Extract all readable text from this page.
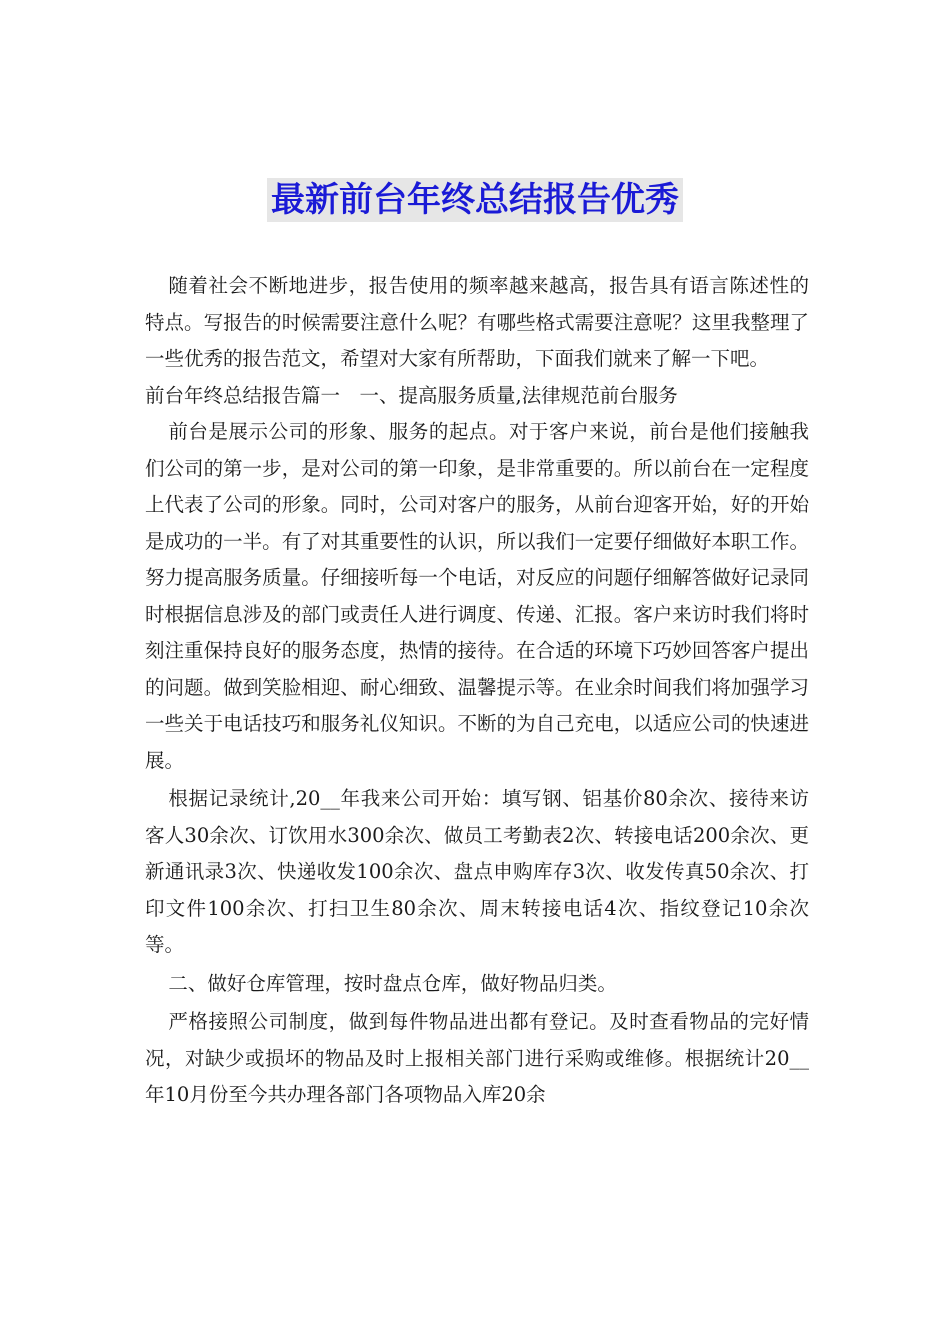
最新前台年终总结报告优秀

随着社会不断地进步，报告使用的频率越来越高，报告具有语言陈述性的特点。写报告的时候需要注意什么呢？有哪些格式需要注意呢？这里我整理了一些优秀的报告范文，希望对大家有所帮助，下面我们就来了解一下吧。

前台年终总结报告篇一　一、提高服务质量,法律规范前台服务

前台是展示公司的形象、服务的起点。对于客户来说，前台是他们接触我们公司的第一步，是对公司的第一印象，是非常重要的。所以前台在一定程度上代表了公司的形象。同时，公司对客户的服务，从前台迎客开始，好的开始是成功的一半。有了对其重要性的认识，所以我们一定要仔细做好本职工作。努力提高服务质量。仔细接听每一个电话，对反应的问题仔细解答做好记录同时根据信息涉及的部门或责任人进行调度、传递、汇报。客户来访时我们将时刻注重保持良好的服务态度，热情的接待。在合适的环境下巧妙回答客户提出的问题。做到笑脸相迎、耐心细致、温馨提示等。在业余时间我们将加强学习一些关于电话技巧和服务礼仪知识。不断的为自己充电，以适应公司的快速进展。

根据记录统计,20__年我来公司开始：填写钢、铝基价80余次、接待来访客人30余次、订饮用水300余次、做员工考勤表2次、转接电话200余次、更新通讯录3次、快递收发100余次、盘点申购库存3次、收发传真50余次、打印文件100余次、打扫卫生80余次、周末转接电话4次、指纹登记10余次等。

二、做好仓库管理，按时盘点仓库，做好物品归类。

严格接照公司制度，做到每件物品进出都有登记。及时查看物品的完好情况，对缺少或损坏的物品及时上报相关部门进行采购或维修。根据统计20__年10月份至今共办理各部门各项物品入库20余
